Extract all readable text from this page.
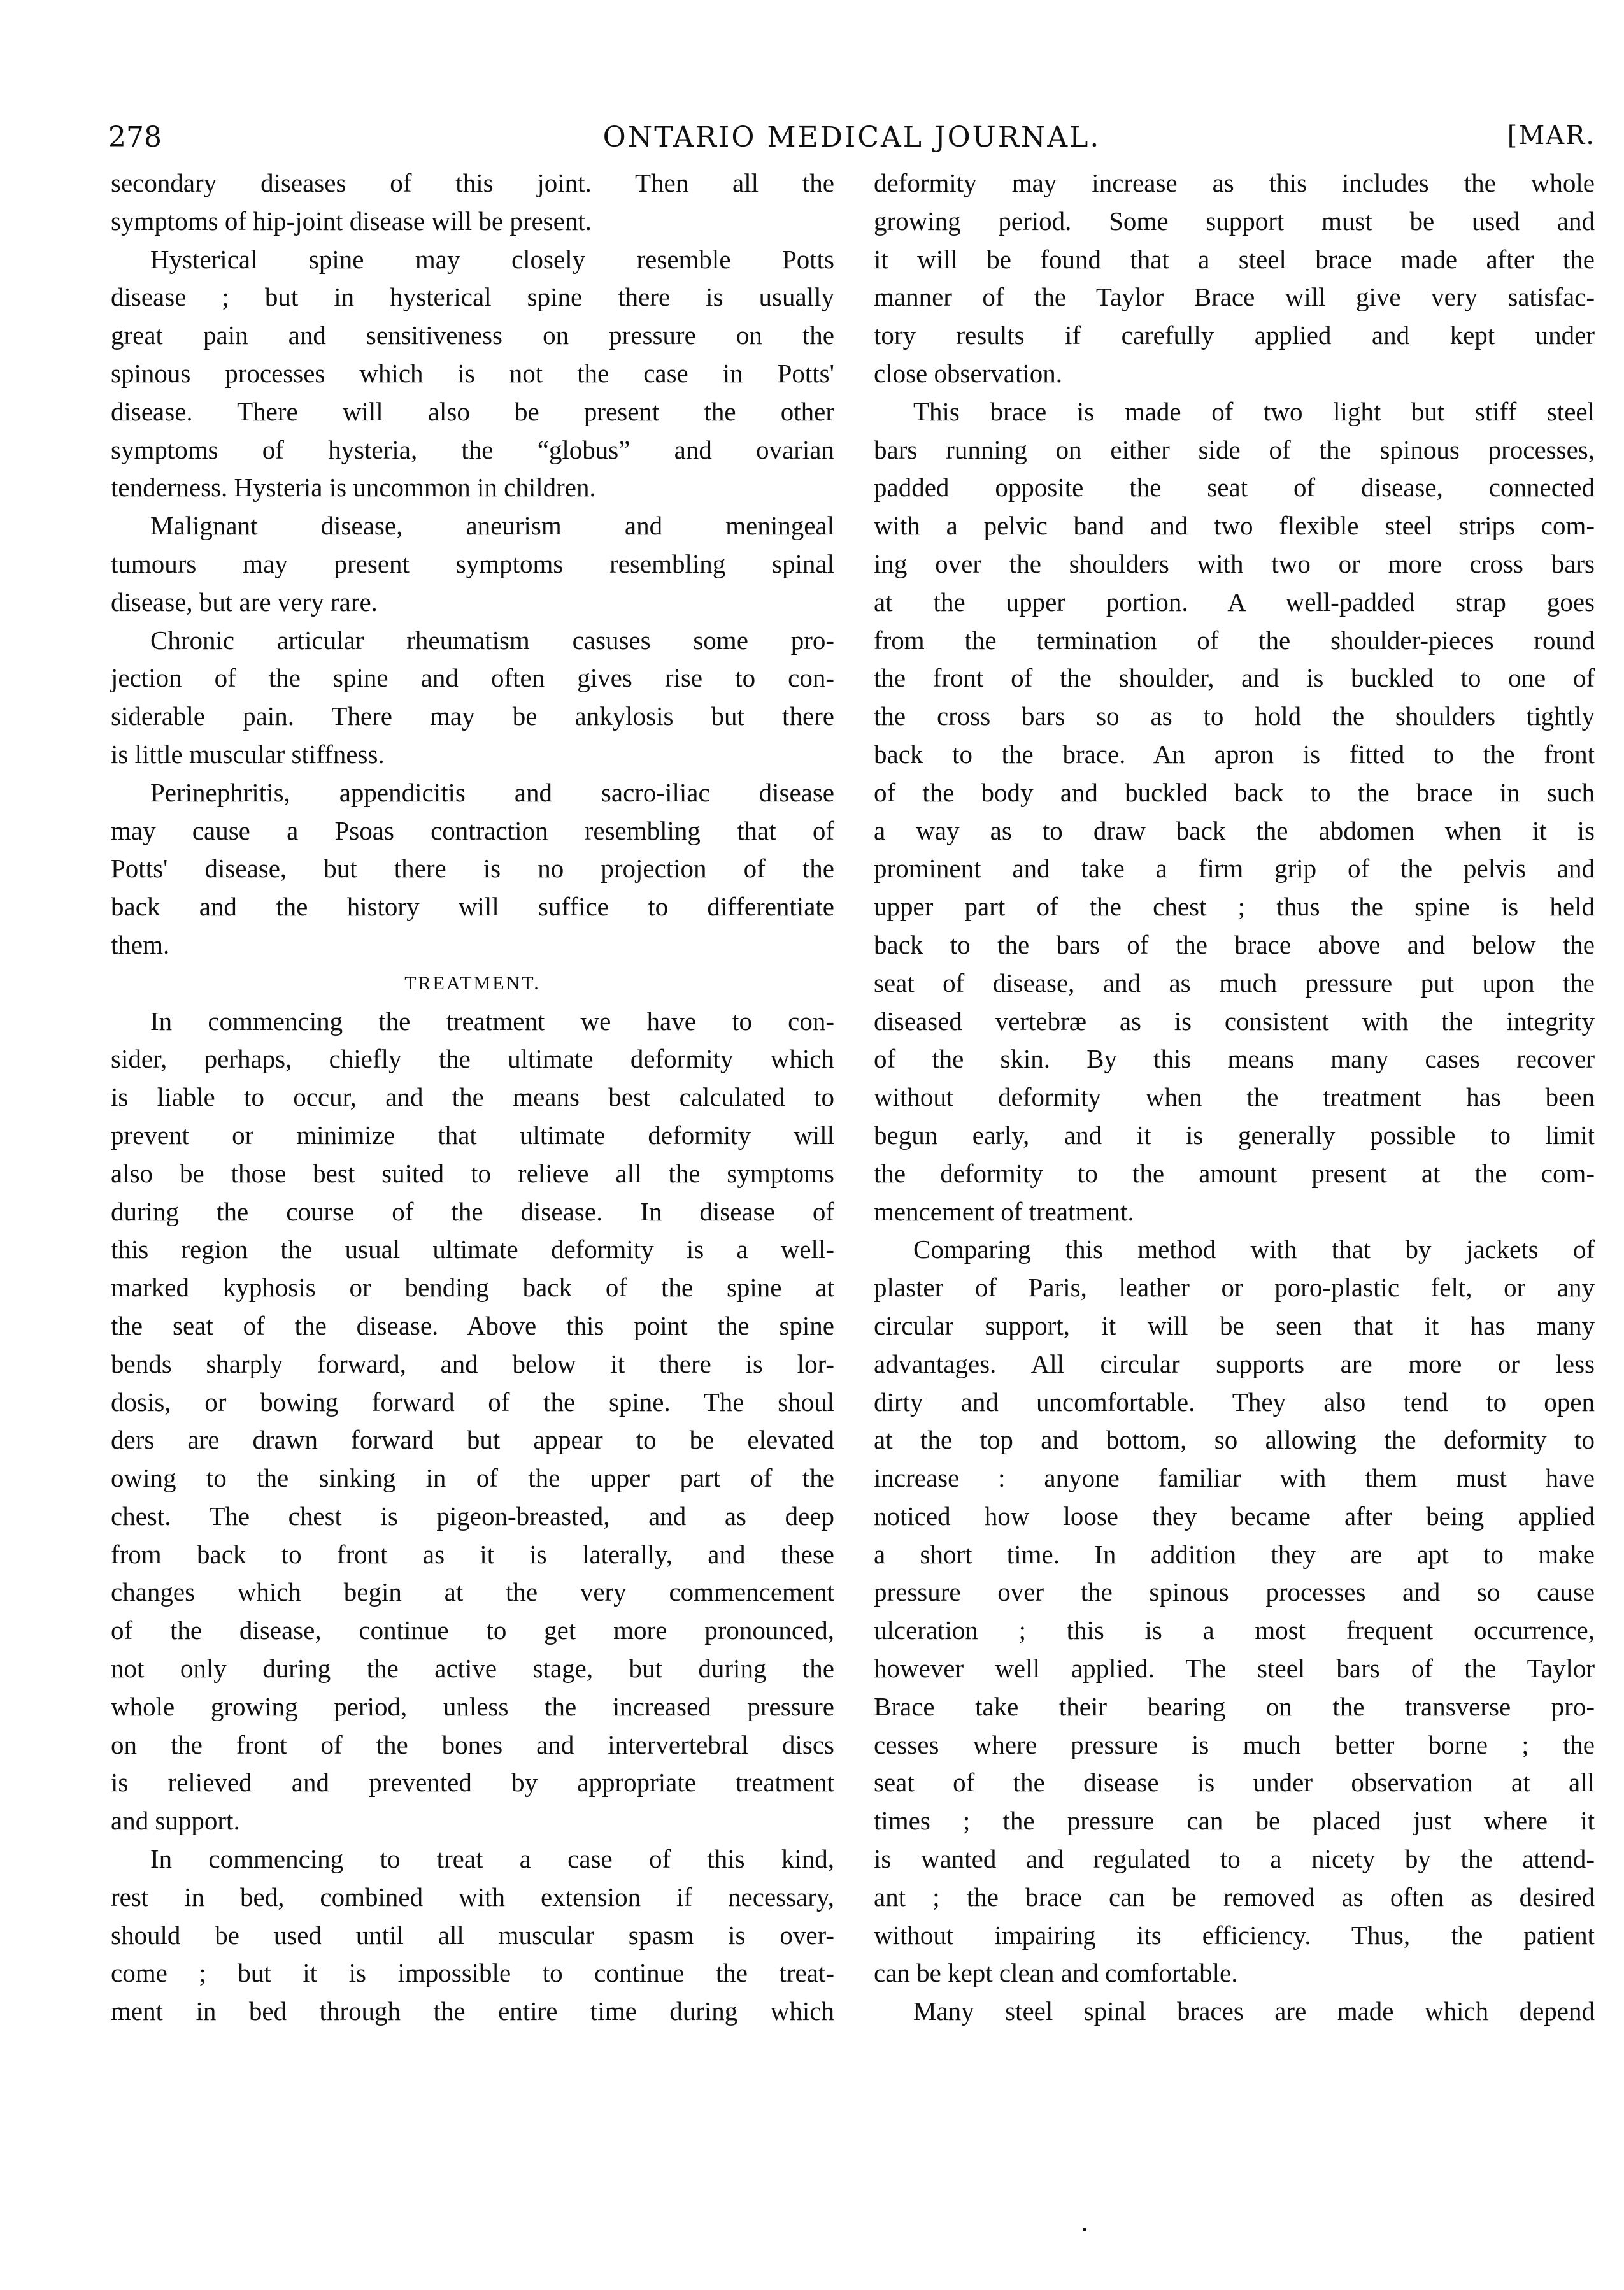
278	ONTARIO MEDICAL JOURNAL.	[MAR.
secondary diseases of this joint. Then all the
symptoms of hip-joint disease will be present.
Hysterical spine may closely resemble Potts
disease ; but in hysterical spine there is usually
great pain and sensitiveness on pressure on the
spinous processes which is not the case in Potts'
disease. There will also be present the other
symptoms of hysteria, the “globus” and ovarian
tenderness. Hysteria is uncommon in children.
Malignant disease, aneurism and meningeal
tumours may present symptoms resembling spinal
disease, but are very rare.
Chronic articular rheumatism casuses some pro-
jection of the spine and often gives rise to con-
siderable pain. There may be ankylosis but there
is little muscular stiffness.
Perinephritis, appendicitis and sacro-iliac disease
may cause a Psoas contraction resembling that of
Potts' disease, but there is no projection of the
back and the history will suffice to differentiate
them.
TREATMENT.
In commencing the treatment we have to con-
sider, perhaps, chiefly the ultimate deformity which
is liable to occur, and the means best calculated to
prevent or minimize that ultimate deformity will
also be those best suited to relieve all the symptoms
during the course of the disease. In disease of
this region the usual ultimate deformity is a well-
marked kyphosis or bending back of the spine at
the seat of the disease. Above this point the spine
bends sharply forward, and below it there is lor-
dosis, or bowing forward of the spine. The shoul
ders are drawn forward but appear to be elevated
owing to the sinking in of the upper part of the
chest. The chest is pigeon-breasted, and as deep
from back to front as it is laterally, and these
changes which begin at the very commencement
of the disease, continue to get more pronounced,
not only during the active stage, but during the
whole growing period, unless the increased pressure
on the front of the bones and intervertebral discs
is relieved and prevented by appropriate treatment
and support.
In commencing to treat a case of this kind,
rest in bed, combined with extension if necessary,
should be used until all muscular spasm is over-
come ; but it is impossible to continue the treat-
ment in bed through the entire time during which
deformity may increase as this includes the whole
growing period. Some support must be used and
it will be found that a steel brace made after the
manner of the Taylor Brace will give very satisfac-
tory results if carefully applied and kept under
close observation.
This brace is made of two light but stiff steel
bars running on either side of the spinous processes,
padded opposite the seat of disease, connected
with a pelvic band and two flexible steel strips com-
ing over the shoulders with two or more cross bars
at the upper portion. A well-padded strap goes
from the termination of the shoulder-pieces round
the front of the shoulder, and is buckled to one of
the cross bars so as to hold the shoulders tightly
back to the brace. An apron is fitted to the front
of the body and buckled back to the brace in such
a way as to draw back the abdomen when it is
prominent and take a firm grip of the pelvis and
upper part of the chest ; thus the spine is held
back to the bars of the brace above and below the
seat of disease, and as much pressure put upon the
diseased vertebræ as is consistent with the integrity
of the skin. By this means many cases recover
without deformity when the treatment has been
begun early, and it is generally possible to limit
the deformity to the amount present at the com-
mencement of treatment.
Comparing this method with that by jackets of
plaster of Paris, leather or poro-plastic felt, or any
circular support, it will be seen that it has many
advantages. All circular supports are more or less
dirty and uncomfortable. They also tend to open
at the top and bottom, so allowing the deformity to
increase : anyone familiar with them must have
noticed how loose they became after being applied
a short time. In addition they are apt to make
pressure over the spinous processes and so cause
ulceration ; this is a most frequent occurrence,
however well applied. The steel bars of the Taylor
Brace take their bearing on the transverse pro-
cesses where pressure is much better borne ; the
seat of the disease is under observation at all
times ; the pressure can be placed just where it
is wanted and regulated to a nicety by the attend-
ant ; the brace can be removed as often as desired
without impairing its efficiency. Thus, the patient
can be kept clean and comfortable.
Many steel spinal braces are made which depend
